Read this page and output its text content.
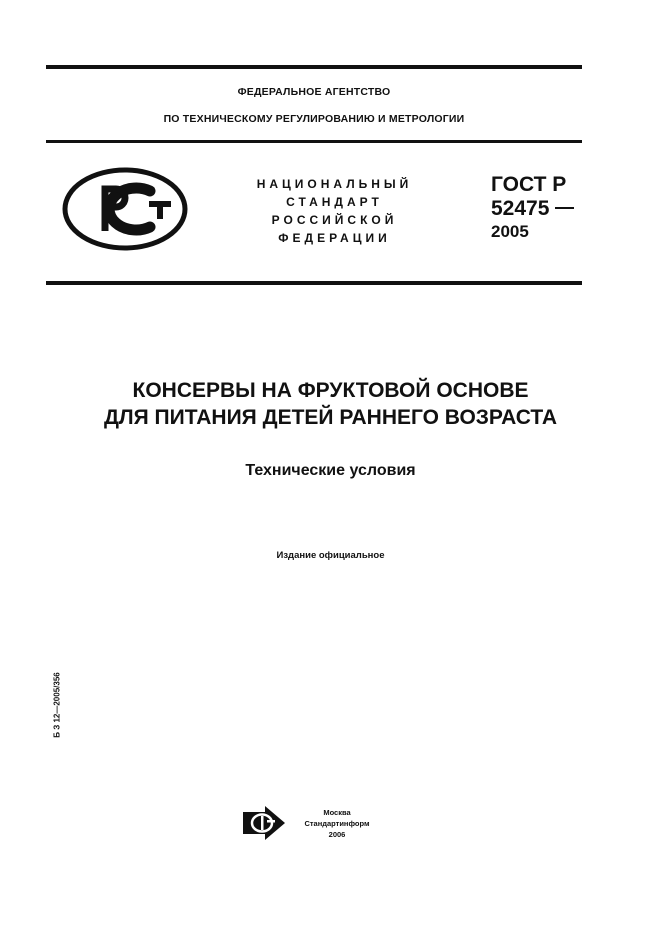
ФЕДЕРАЛЬНОЕ АГЕНТСТВО
ПО ТЕХНИЧЕСКОМУ РЕГУЛИРОВАНИЮ И МЕТРОЛОГИИ
НАЦИОНАЛЬНЫЙ
СТАНДАРТ
РОССИЙСКОЙ
ФЕДЕРАЦИИ
ГОСТ Р
52475
2005
КОНСЕРВЫ НА ФРУКТОВОЙ ОСНОВЕ
ДЛЯ ПИТАНИЯ ДЕТЕЙ РАННЕГО ВОЗРАСТА
Технические условия
Издание официальное
Б З 12—2005/356
Москва
Стандартинформ
2006
